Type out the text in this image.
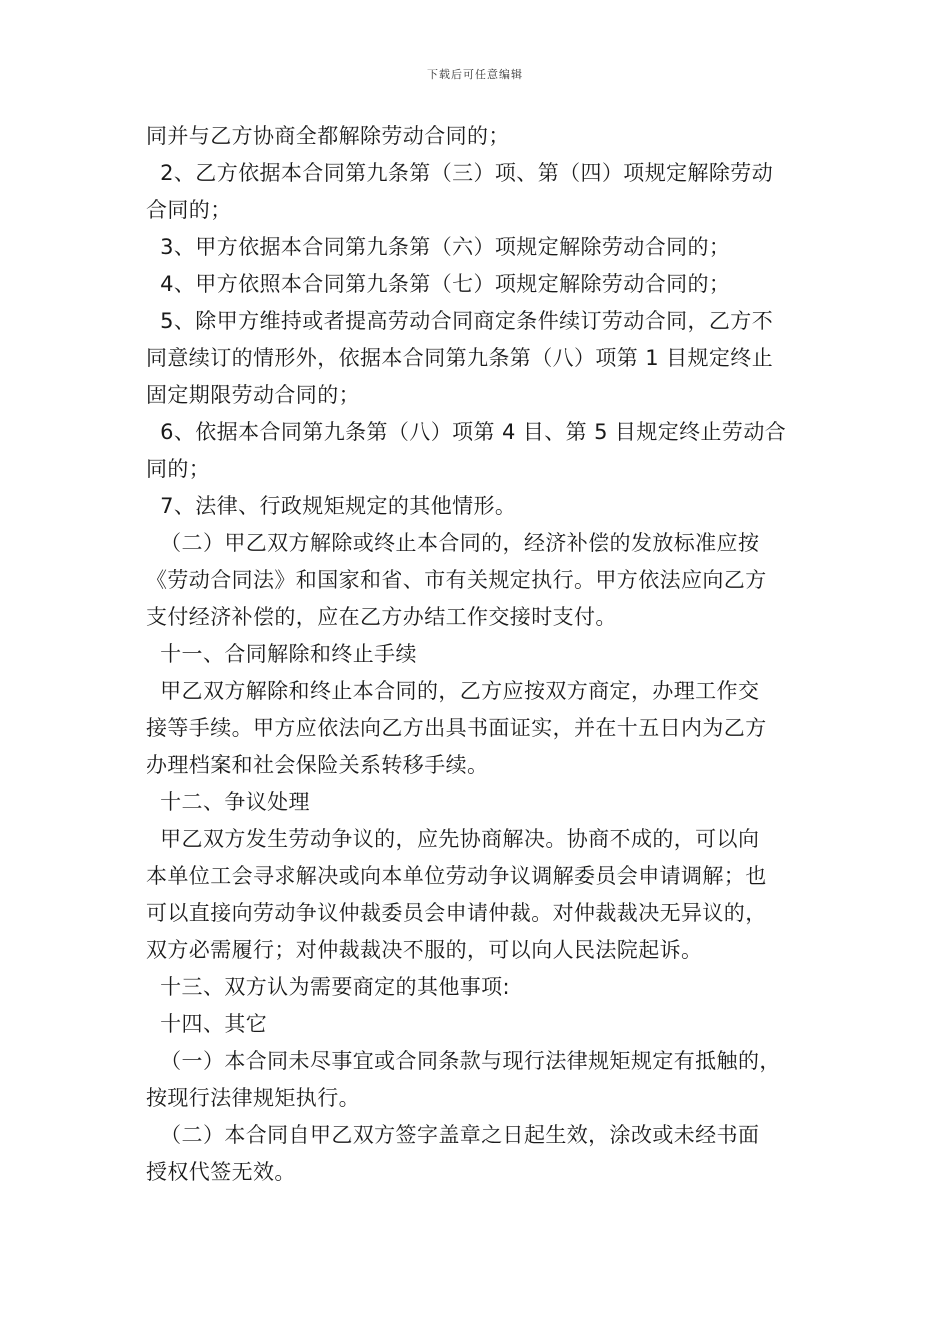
下载后可任意编辑
同并与乙方协商全都解除劳动合同的；
2、乙方依据本合同第九条第（三）项、第（四）项规定解除劳动
合同的；
3、甲方依据本合同第九条第（六）项规定解除劳动合同的；
4、甲方依照本合同第九条第（七）项规定解除劳动合同的；
5、除甲方维持或者提高劳动合同商定条件续订劳动合同，乙方不
同意续订的情形外，依据本合同第九条第（八）项第 1 目规定终止
固定期限劳动合同的；
6、依据本合同第九条第（八）项第 4 目、第 5 目规定终止劳动合
同的；
7、法律、行政规矩规定的其他情形。
（二）甲乙双方解除或终止本合同的，经济补偿的发放标准应按
《劳动合同法》和国家和省、市有关规定执行。甲方依法应向乙方
支付经济补偿的，应在乙方办结工作交接时支付。
十一、合同解除和终止手续
甲乙双方解除和终止本合同的，乙方应按双方商定，办理工作交
接等手续。甲方应依法向乙方出具书面证实，并在十五日内为乙方
办理档案和社会保险关系转移手续。
十二、争议处理
甲乙双方发生劳动争议的，应先协商解决。协商不成的，可以向
本单位工会寻求解决或向本单位劳动争议调解委员会申请调解；也
可以直接向劳动争议仲裁委员会申请仲裁。对仲裁裁决无异议的，
双方必需履行；对仲裁裁决不服的，可以向人民法院起诉。
十三、双方认为需要商定的其他事项:
十四、其它
（一）本合同未尽事宜或合同条款与现行法律规矩规定有抵触的，
按现行法律规矩执行。
（二）本合同自甲乙双方签字盖章之日起生效，涂改或未经书面
授权代签无效。
